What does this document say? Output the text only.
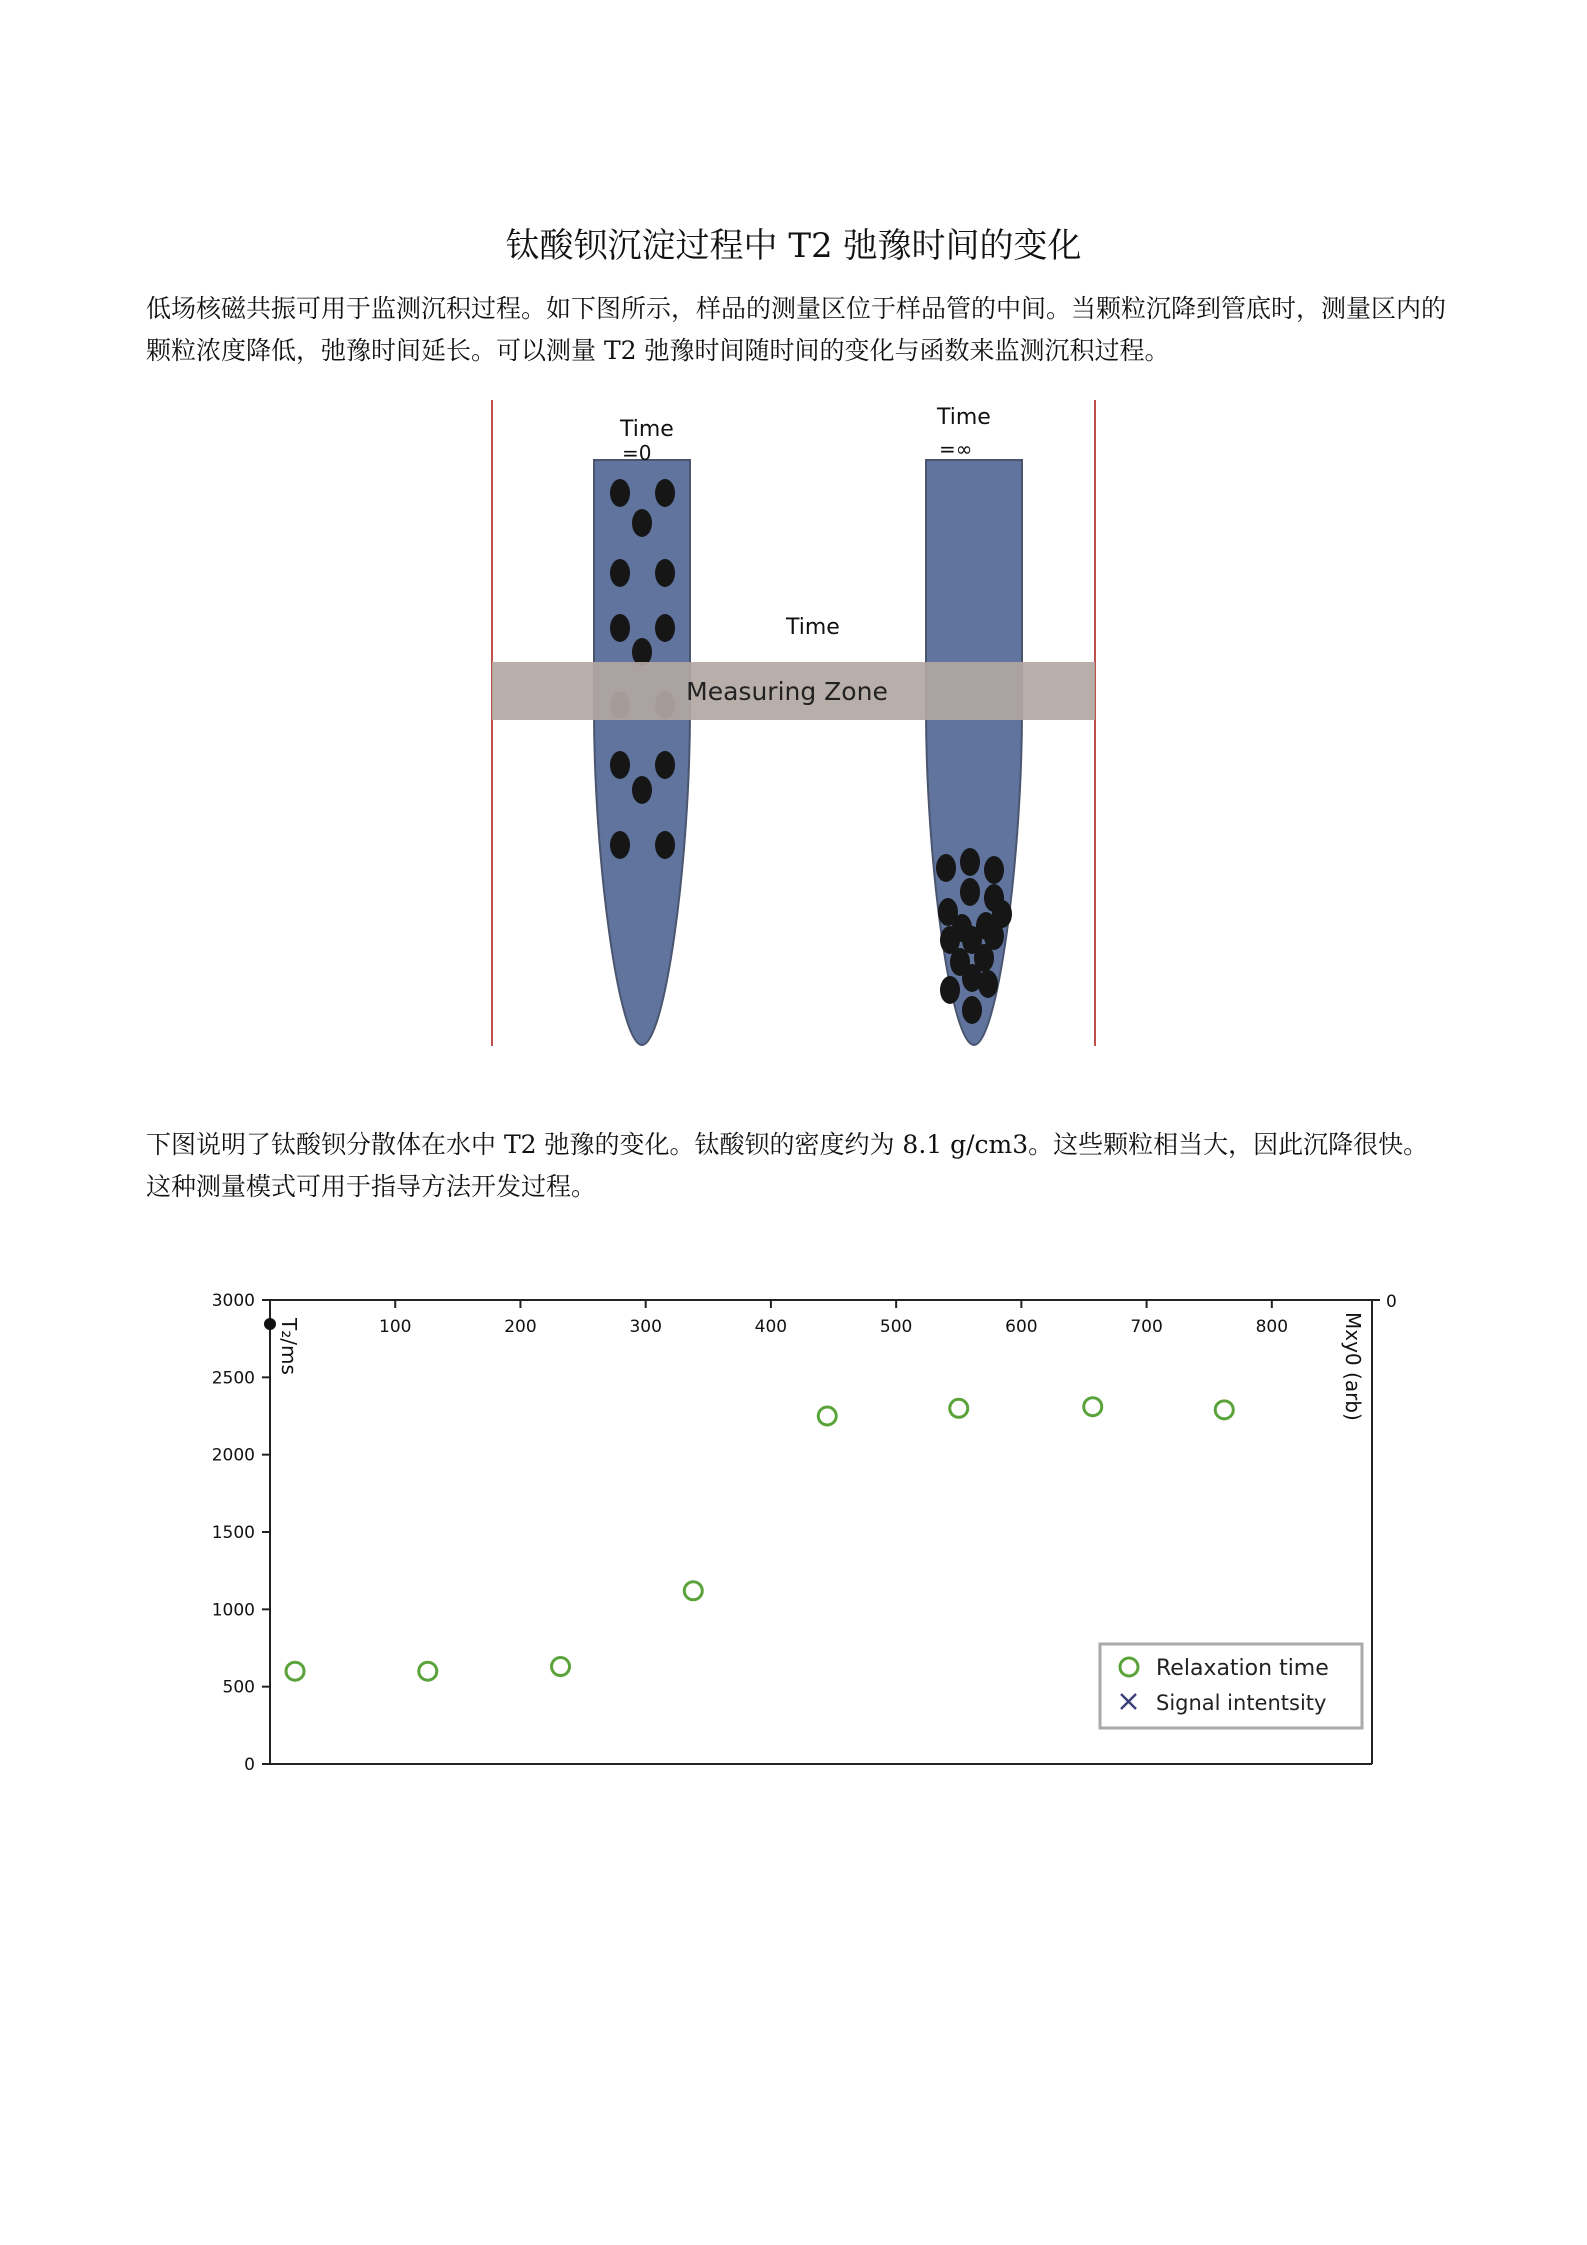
钛酸钡沉淀过程中 T2 弛豫时间的变化

低场核磁共振可用于监测沉积过程。如下图所示，样品的测量区位于样品管的中间。当颗粒沉降到管底时，测量区内的颗粒浓度降低，弛豫时间延长。可以测量 T2 弛豫时间随时间的变化与函数来监测沉积过程。

Measuring Zone
Time
=0
Time
=∞
Time

下图说明了钛酸钡分散体在水中 T2 弛豫的变化。钛酸钡的密度约为 8.1 g/cm3。这些颗粒相当大，因此沉降很快。这种测量模式可用于指导方法开发过程。

100	200	300	400	500	600	700	800
0
500
1000
1500
2000
2500
3000	0
T₂/ms	Mxy0 (arb)
Relaxation time
Signal intentsity
